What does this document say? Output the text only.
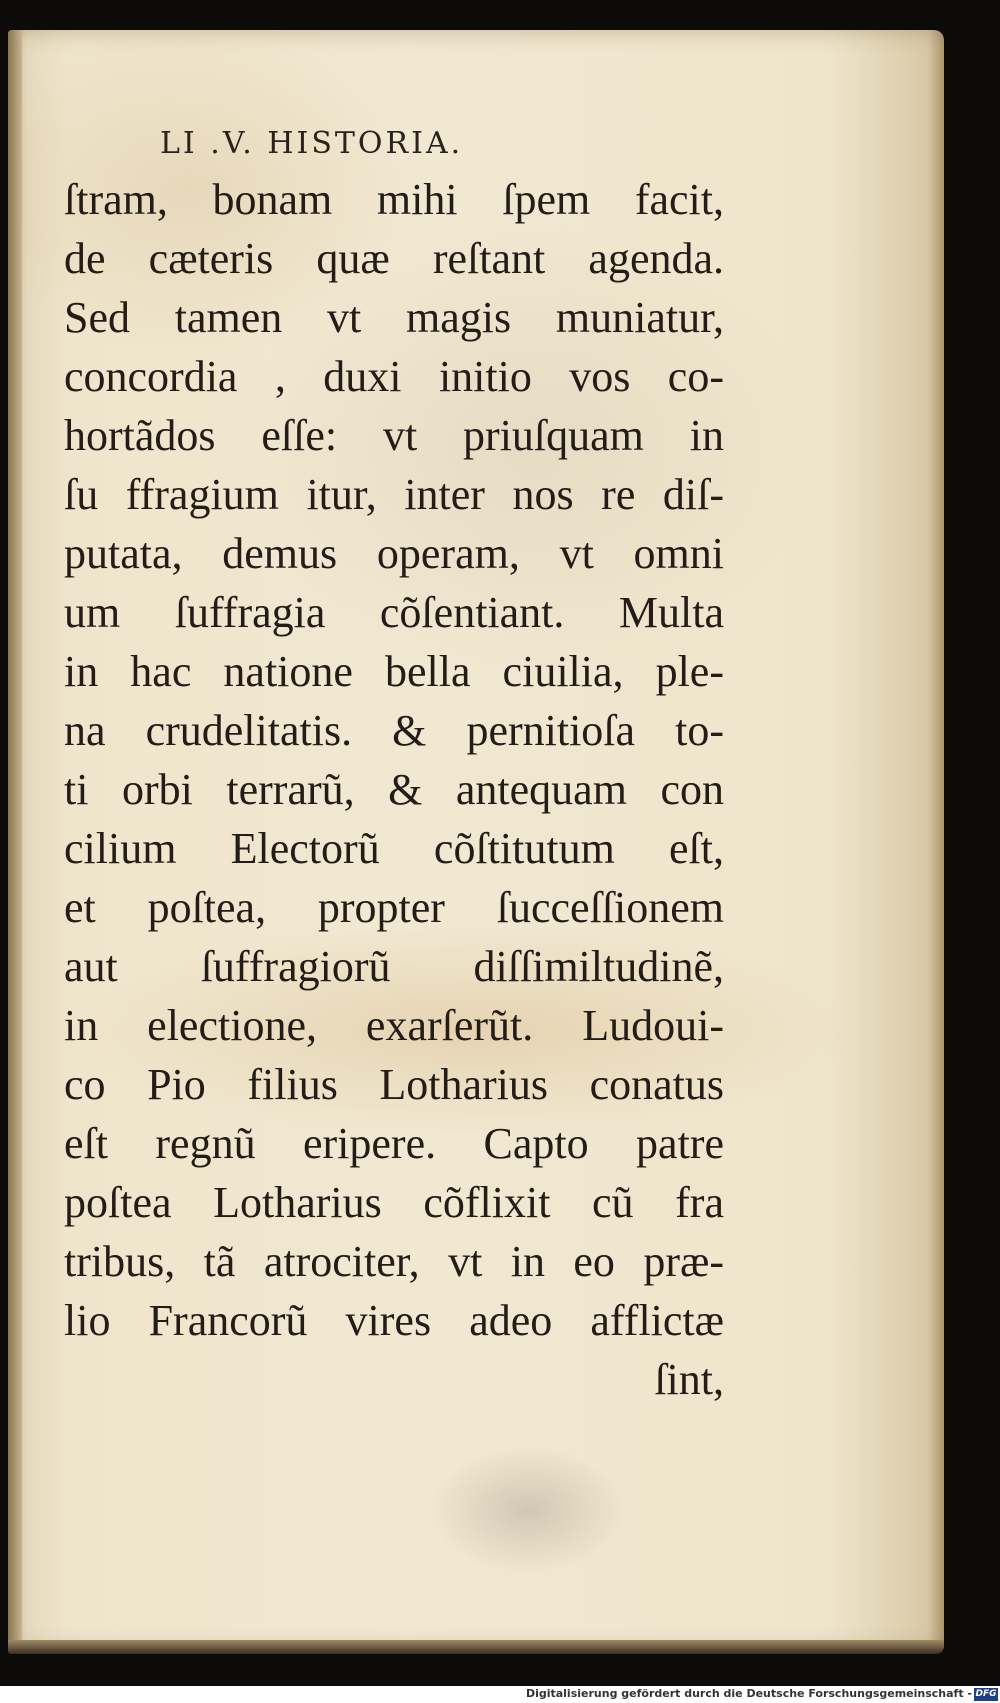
LI .V. HISTORIA.
ſtram, bonam mihi ſpem facit,
de cæteris quæ reſtant agenda.
Sed tamen vt magis muniatur,
concordia , duxi initio vos co-
hortãdos eſſe: vt priuſquam in
ſu ffragium itur, inter nos re diſ-
putata, demus operam, vt omni
um ſuffragia cõſentiant. Multa
in hac natione bella ciuilia, ple-
na crudelitatis. & pernitioſa to-
ti orbi terrarũ, & antequam con
cilium Electorũ cõſtitutum eſt,
et poſtea, propter ſucceſſionem
aut ſuffragiorũ diſſimiltudinẽ,
in electione, exarſerũt. Ludoui-
co Pio filius Lotharius conatus
eſt regnũ eripere. Capto patre
poſtea Lotharius cõflixit cũ fra
tribus, tã atrociter, vt in eo præ-
lio Francorũ vires adeo afflictæ
ſint,
Digitalisierung gefördert durch die Deutsche Forschungsgemeinschaft - DFG
